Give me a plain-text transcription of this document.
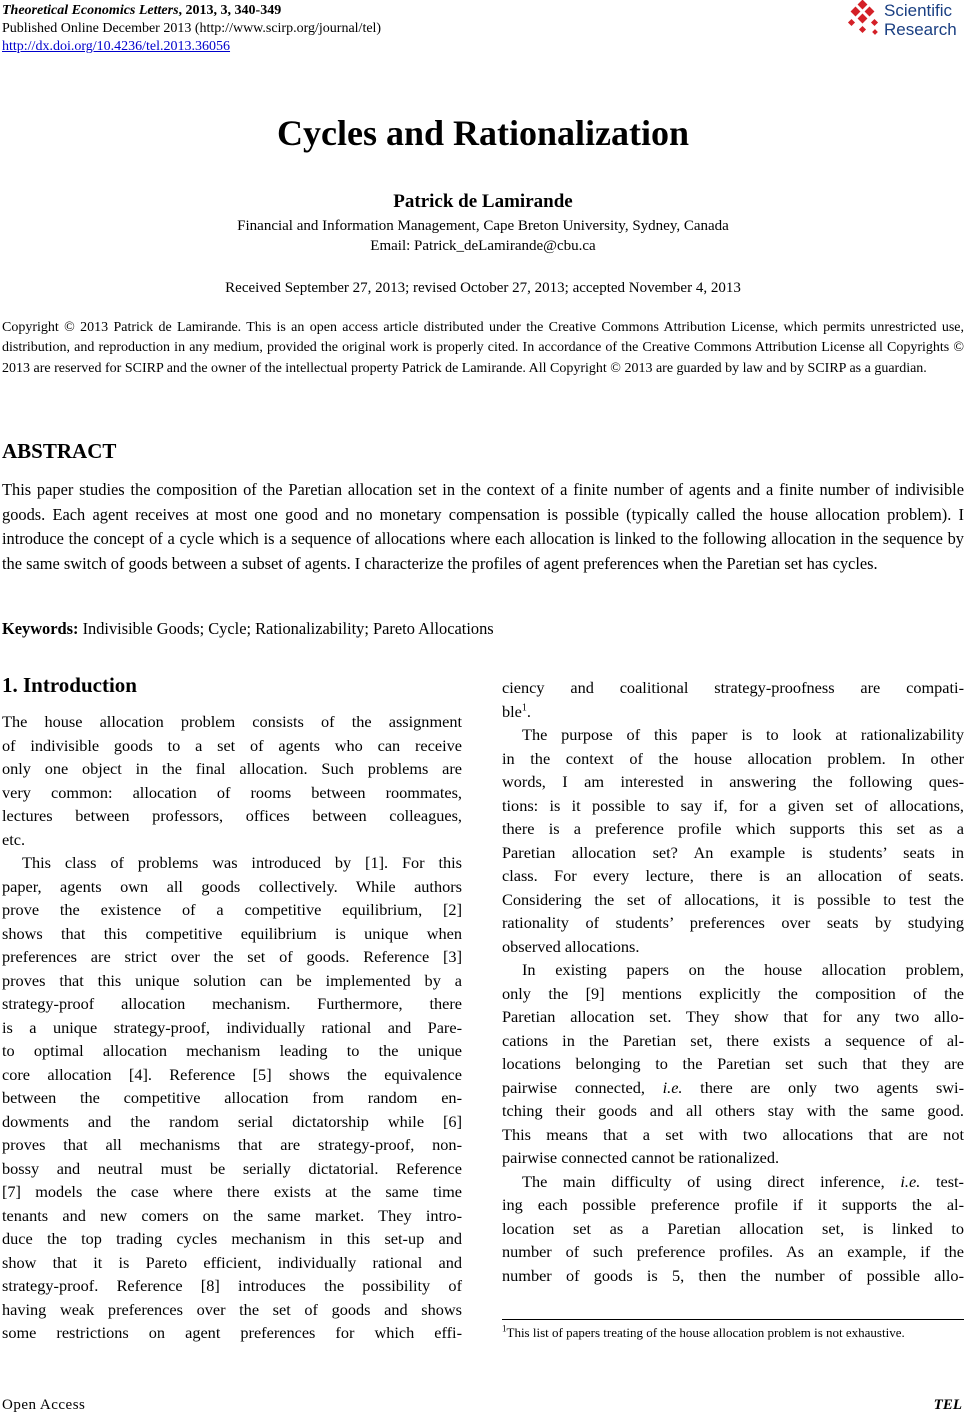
Theoretical Economics Letters, 2013, 3, 340-349
Published Online December 2013 (http://www.scirp.org/journal/tel)
http://dx.doi.org/10.4236/tel.2013.36056
Scientific
Research
Cycles and Rationalization
Patrick de Lamirande
Financial and Information Management, Cape Breton University, Sydney, Canada
Email: Patrick_deLamirande@cbu.ca
Received September 27, 2013; revised October 27, 2013; accepted November 4, 2013
Copyright © 2013 Patrick de Lamirande. This is an open access article distributed under the Creative Commons Attribution License, which permits unrestricted use, distribution, and reproduction in any medium, provided the original work is properly cited. In accordance of the Creative Commons Attribution License all Copyrights © 2013 are reserved for SCIRP and the owner of the intellectual property Patrick de Lamirande. All Copyright © 2013 are guarded by law and by SCIRP as a guardian.
ABSTRACT
This paper studies the composition of the Paretian allocation set in the context of a finite number of agents and a finite number of indivisible goods. Each agent receives at most one good and no monetary compensation is possible (typically called the house allocation problem). I introduce the concept of a cycle which is a sequence of allocations where each allocation is linked to the following allocation in the sequence by the same switch of goods between a subset of agents. I characterize the profiles of agent preferences when the Paretian set has cycles.
Keywords: Indivisible Goods; Cycle; Rationalizability; Pareto Allocations
1. Introduction
The house allocation problem consists of the assignment
of indivisible goods to a set of agents who can receive
only one object in the final allocation. Such problems are
very common: allocation of rooms between roommates,
lectures between professors, offices between colleagues,
etc.
This class of problems was introduced by [1]. For this
paper, agents own all goods collectively. While authors
prove the existence of a competitive equilibrium, [2]
shows that this competitive equilibrium is unique when
preferences are strict over the set of goods. Reference [3]
proves that this unique solution can be implemented by a
strategy-proof allocation mechanism. Furthermore, there
is a unique strategy-proof, individually rational and Pare-
to optimal allocation mechanism leading to the unique
core allocation [4]. Reference [5] shows the equivalence
between the competitive allocation from random en-
dowments and the random serial dictatorship while [6]
proves that all mechanisms that are strategy-proof, non-
bossy and neutral must be serially dictatorial. Reference
[7] models the case where there exists at the same time
tenants and new comers on the same market. They intro-
duce the top trading cycles mechanism in this set-up and
show that it is Pareto efficient, individually rational and
strategy-proof. Reference [8] introduces the possibility of
having weak preferences over the set of goods and shows
some restrictions on agent preferences for which effi-
ciency and coalitional strategy-proofness are compati-
ble$^1$.
The purpose of this paper is to look at rationalizability
in the context of the house allocation problem. In other
words, I am interested in answering the following ques-
tions: is it possible to say if, for a given set of allocations,
there is a preference profile which supports this set as a
Paretian allocation set? An example is students’ seats in
class. For every lecture, there is an allocation of seats.
Considering the set of allocations, it is possible to test the
rationality of students’ preferences over seats by studying
observed allocations.
In existing papers on the house allocation problem,
only the [9] mentions explicitly the composition of the
Paretian allocation set. They show that for any two allo-
cations in the Paretian set, there exists a sequence of al-
locations belonging to the Paretian set such that they are
pairwise connected, i.e. there are only two agents swi-
tching their goods and all others stay with the same good.
This means that a set with two allocations that are not
pairwise connected cannot be rationalized.
The main difficulty of using direct inference, i.e. test-
ing each possible preference profile if it supports the al-
location set as a Paretian allocation set, is linked to
number of such preference profiles. As an example, if the
number of goods is 5, then the number of possible allo-
$^1$This list of papers treating of the house allocation problem is not exhaustive.
Open Access	TEL
